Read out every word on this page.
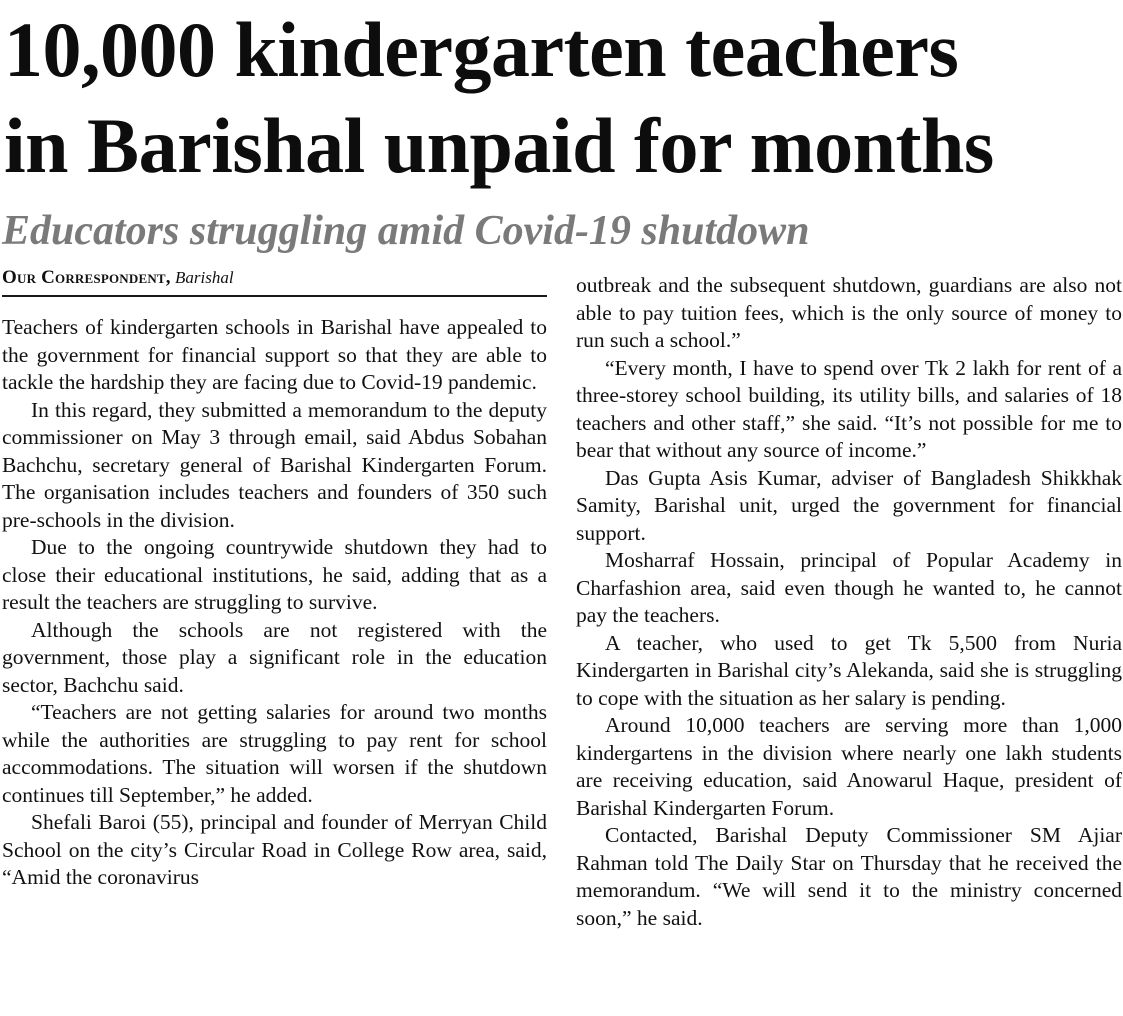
10,000 kindergarten teachers
in Barishal unpaid for months
Educators struggling amid Covid-19 shutdown
Our Correspondent, Barishal

Teachers of kindergarten schools in Barishal have appealed to the government for financial support so that they are able to tackle the hardship they are facing due to Covid-19 pandemic.

In this regard, they submitted a memorandum to the deputy commissioner on May 3 through email, said Abdus Sobahan Bachchu, secretary general of Barishal Kindergarten Forum. The organisation includes teachers and founders of 350 such pre-schools in the division.

Due to the ongoing countrywide shutdown they had to close their educational institutions, he said, adding that as a result the teachers are struggling to survive.

Although the schools are not registered with the government, those play a significant role in the education sector, Bachchu said.

“Teachers are not getting salaries for around two months while the authorities are struggling to pay rent for school accommodations. The situation will worsen if the shutdown continues till September,” he added.

Shefali Baroi (55), principal and founder of Merryan Child School on the city’s Circular Road in College Row area, said, “Amid the coronavirus

outbreak and the subsequent shutdown, guardians are also not able to pay tuition fees, which is the only source of money to run such a school.”

“Every month, I have to spend over Tk 2 lakh for rent of a three-storey school building, its utility bills, and salaries of 18 teachers and other staff,” she said. “It’s not possible for me to bear that without any source of income.”

Das Gupta Asis Kumar, adviser of Bangladesh Shikkhak Samity, Barishal unit, urged the government for financial support.

Mosharraf Hossain, principal of Popular Academy in Charfashion area, said even though he wanted to, he cannot pay the teachers.

A teacher, who used to get Tk 5,500 from Nuria Kindergarten in Barishal city’s Alekanda, said she is struggling to cope with the situation as her salary is pending.

Around 10,000 teachers are serving more than 1,000 kindergartens in the division where nearly one lakh students are receiving education, said Anowarul Haque, president of Barishal Kindergarten Forum.

Contacted, Barishal Deputy Commissioner SM Ajiar Rahman told The Daily Star on Thursday that he received the memorandum. “We will send it to the ministry concerned soon,” he said.
